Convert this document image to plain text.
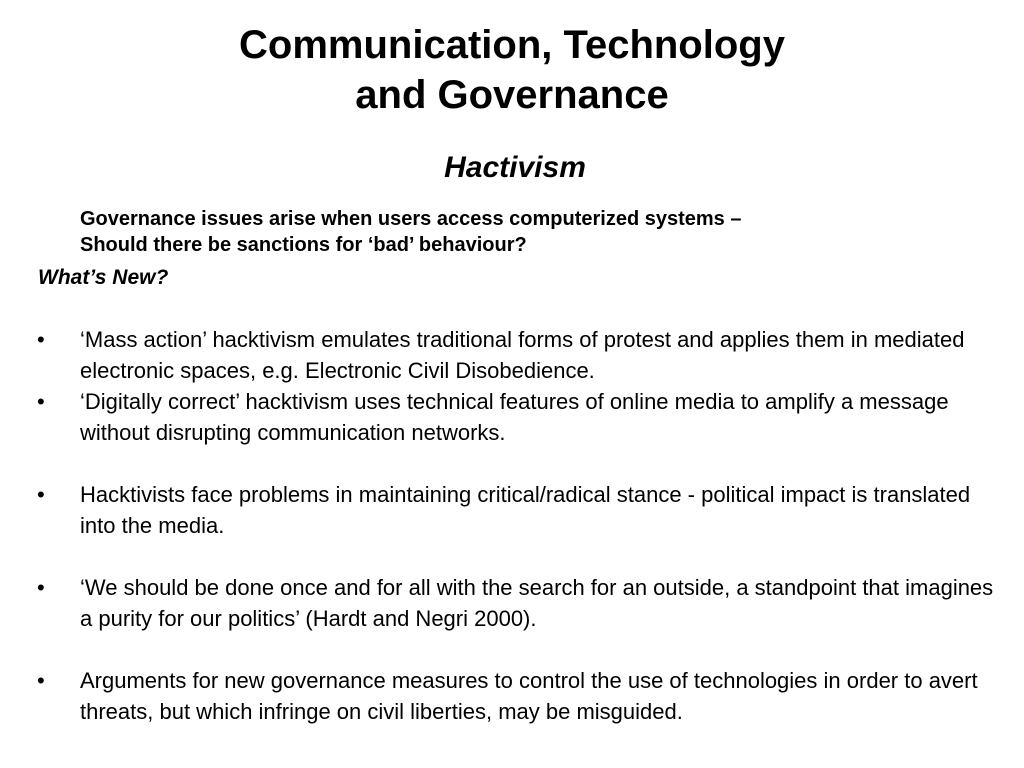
Communication, Technology
and Governance
Hactivism
Governance issues arise when users access computerized systems –
Should there be sanctions for ‘bad’ behaviour?
What’s New?
• ‘Mass action’ hacktivism emulates traditional forms of protest and applies them in mediated electronic spaces, e.g. Electronic Civil Disobedience.
• ‘Digitally correct’ hacktivism uses technical features of online media to amplify a message without disrupting communication networks.
• Hacktivists face problems in maintaining critical/radical stance - political impact is translated into the media.
• ‘We should be done once and for all with the search for an outside, a standpoint that imagines a purity for our politics’ (Hardt and Negri 2000).
• Arguments for new governance measures to control the use of technologies in order to avert threats, but which infringe on civil liberties, may be misguided.
